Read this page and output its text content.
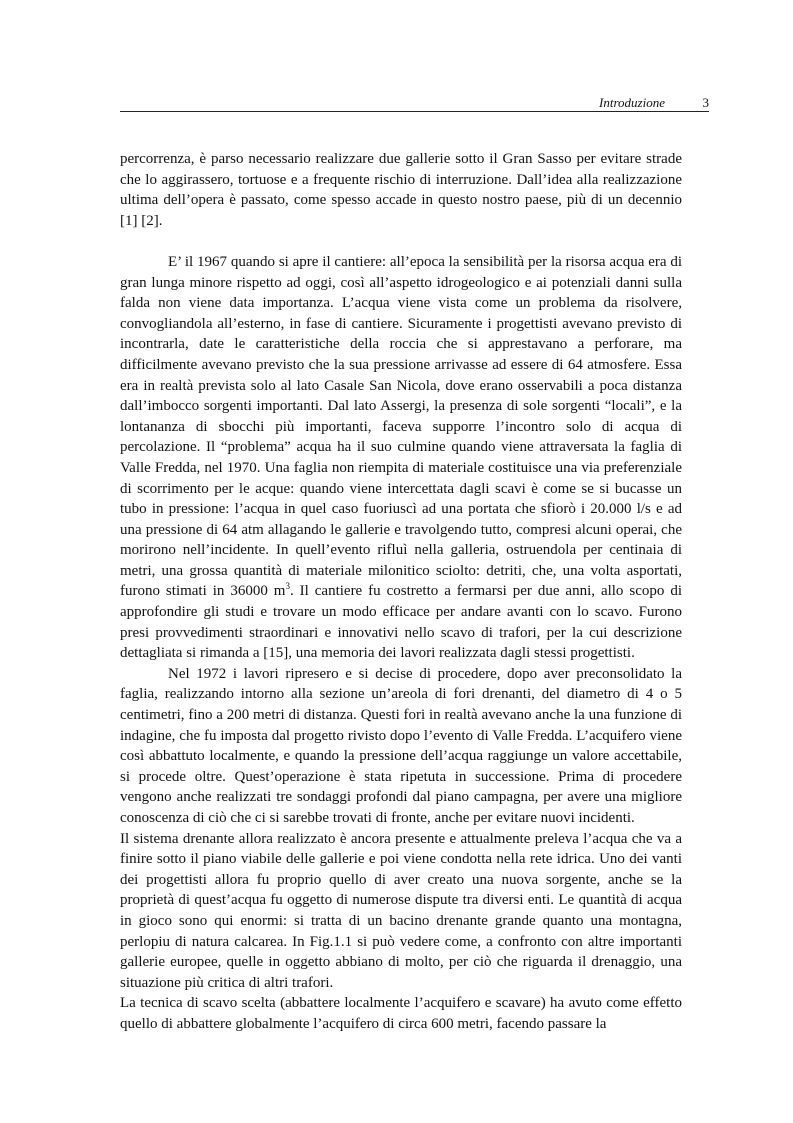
Introduzione	3

percorrenza, è parso necessario realizzare due gallerie sotto il Gran Sasso per evitare strade che lo aggirassero, tortuose e a frequente rischio di interruzione. Dall’idea alla realizzazione ultima dell’opera è passato, come spesso accade in questo nostro paese, più di un decennio [1] [2].

E’ il 1967 quando si apre il cantiere: all’epoca la sensibilità per la risorsa acqua era di gran lunga minore rispetto ad oggi, così all’aspetto idrogeologico e ai potenziali danni sulla falda non viene data importanza. L’acqua viene vista come un problema da risolvere, convogliandola all’esterno, in fase di cantiere. Sicuramente i progettisti avevano previsto di incontrarla, date le caratteristiche della roccia che si apprestavano a perforare, ma difficilmente avevano previsto che la sua pressione arrivasse ad essere di 64 atmosfere. Essa era in realtà prevista solo al lato Casale San Nicola, dove erano osservabili a poca distanza dall’imbocco sorgenti importanti. Dal lato Assergi, la presenza di sole sorgenti “locali”, e la lontananza di sbocchi più importanti, faceva supporre l’incontro solo di acqua di percolazione. Il “problema” acqua ha il suo culmine quando viene attraversata la faglia di Valle Fredda, nel 1970. Una faglia non riempita di materiale costituisce una via preferenziale di scorrimento per le acque: quando viene intercettata dagli scavi è come se si bucasse un tubo in pressione: l’acqua in quel caso fuoriuscì ad una portata che sfiorò i 20.000 l/s e ad una pressione di 64 atm allagando le gallerie e travolgendo tutto, compresi alcuni operai, che morirono nell’incidente. In quell’evento rifluì nella galleria, ostruendola per centinaia di metri, una grossa quantità di materiale milonitico sciolto: detriti, che, una volta asportati, furono stimati in 36000 $m^3$. Il cantiere fu costretto a fermarsi per due anni, allo scopo di approfondire gli studi e trovare un modo efficace per andare avanti con lo scavo. Furono presi provvedimenti straordinari e innovativi nello scavo di trafori, per la cui descrizione dettagliata si rimanda a [15], una memoria dei lavori realizzata dagli stessi progettisti.

Nel 1972 i lavori ripresero e si decise di procedere, dopo aver preconsolidato la faglia, realizzando intorno alla sezione un’areola di fori drenanti, del diametro di 4 o 5 centimetri, fino a 200 metri di distanza. Questi fori in realtà avevano anche la una funzione di indagine, che fu imposta dal progetto rivisto dopo l’evento di Valle Fredda. L’acquifero viene così abbattuto localmente, e quando la pressione dell’acqua raggiunge un valore accettabile, si procede oltre. Quest’operazione è stata ripetuta in successione. Prima di procedere vengono anche realizzati tre sondaggi profondi dal piano campagna, per avere una migliore conoscenza di ciò che ci si sarebbe trovati di fronte, anche per evitare nuovi incidenti.

Il sistema drenante allora realizzato è ancora presente e attualmente preleva l’acqua che va a finire sotto il piano viabile delle gallerie e poi viene condotta nella rete idrica. Uno dei vanti dei progettisti allora fu proprio quello di aver creato una nuova sorgente, anche se la proprietà di quest’acqua fu oggetto di numerose dispute tra diversi enti. Le quantità di acqua in gioco sono qui enormi: si tratta di un bacino drenante grande quanto una montagna, perlopiu di natura calcarea. In Fig.1.1 si può vedere come, a confronto con altre importanti gallerie europee, quelle in oggetto abbiano di molto, per ciò che riguarda il drenaggio, una situazione più critica di altri trafori.

La tecnica di scavo scelta (abbattere localmente l’acquifero e scavare) ha avuto come effetto quello di abbattere globalmente l’acquifero di circa 600 metri, facendo passare la
